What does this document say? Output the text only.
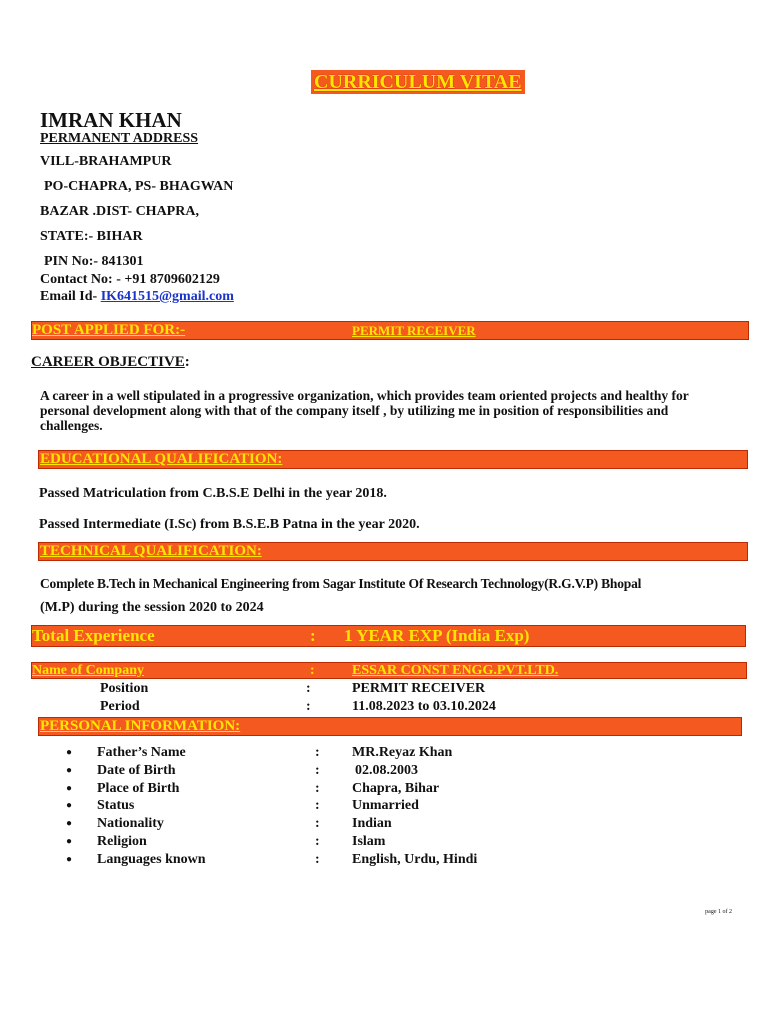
CURRICULUM VITAE
IMRAN KHAN
PERMANENT ADDRESS
VILL-BRAHAMPUR
PO-CHAPRA, PS- BHAGWAN
BAZAR .DIST- CHAPRA,
STATE:- BIHAR
PIN No:- 841301
Contact No: - +91 8709602129
Email Id- IK641515@gmail.com
POST APPLIED FOR:-	PERMIT RECEIVER
CAREER OBJECTIVE:
A career in a well stipulated in a progressive organization, which provides team oriented projects and healthy for personal development along with that of the company itself , by utilizing me in position of responsibilities and challenges.
EDUCATIONAL QUALIFICATION:
Passed Matriculation from C.B.S.E Delhi in the year 2018.
Passed Intermediate (I.Sc) from B.S.E.B Patna in the year 2020.
TECHNICAL QUALIFICATION:
Complete B.Tech in Mechanical Engineering from Sagar Institute Of Research Technology(R.G.V.P) Bhopal
(M.P) during the session 2020 to 2024
Total Experience	: 1 YEAR EXP (India Exp)
Name of Company	:	ESSAR CONST ENGG.PVT.LTD.
Position	:	PERMIT RECEIVER
Period	:	11.08.2023 to 03.10.2024
PERSONAL INFORMATION:
● Father’s Name	: MR.Reyaz Khan
● Date of Birth	:	02.08.2003
● Place of Birth	: Chapra, Bihar
● Status	: Unmarried
● Nationality	: Indian
● Religion	: Islam
● Languages known	: English, Urdu, Hindi
page 1 of 2
